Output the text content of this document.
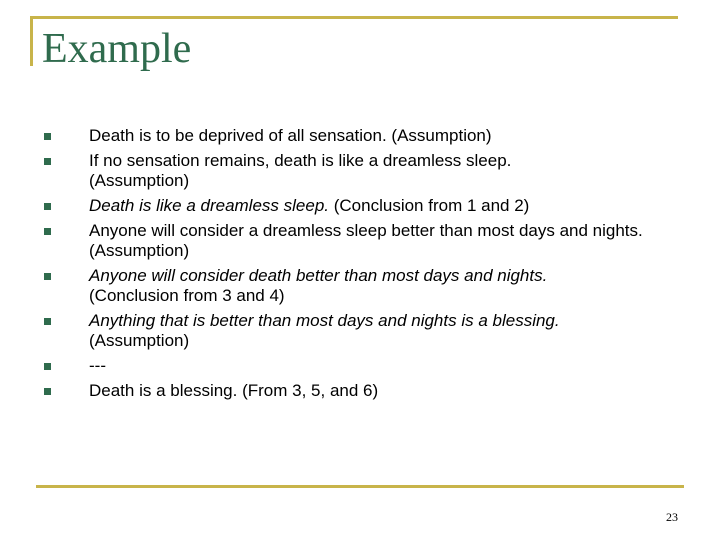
Example
Death is to be deprived of all sensation. (Assumption)
If no sensation remains, death is like a dreamless sleep.
(Assumption)
Death is like a dreamless sleep. (Conclusion from 1 and 2)
Anyone will consider a dreamless sleep better than most days and nights. (Assumption)
Anyone will consider death better than most days and nights.
(Conclusion from 3 and 4)
Anything that is better than most days and nights is a blessing.
(Assumption)
---
Death is a blessing. (From 3, 5, and 6)
23
